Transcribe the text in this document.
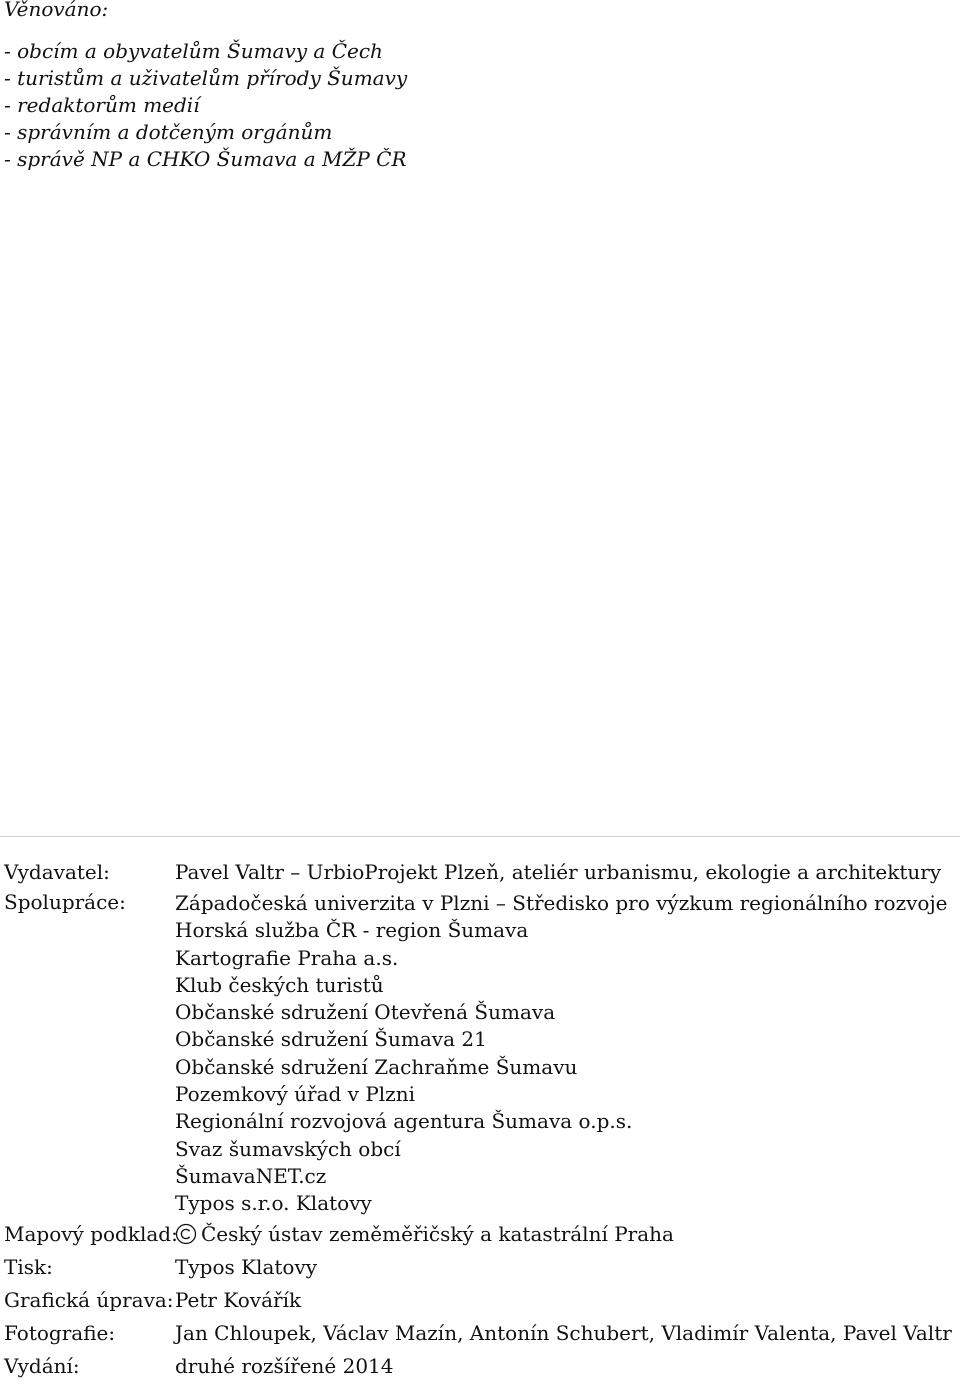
Věnováno:
- obcím a obyvatelům Šumavy a Čech
- turistům a uživatelům přírody Šumavy
- redaktorům medií
- správním a dotčeným orgánům
- správě NP a CHKO Šumava a MŽP ČR
Vydavatel:	Pavel Valtr – UrbioProjekt Plzeň, ateliér urbanismu, ekologie a architektury
Spolupráce: Západočeská univerzita v Plzni – Středisko pro výzkum regionálního rozvoje
Horská služba ČR - region Šumava
Kartografie Praha a.s.
Klub českých turistů
Občanské sdružení Otevřená Šumava
Občanské sdružení Šumava 21
Občanské sdružení Zachraňme Šumavu
Pozemkový úřad v Plzni
Regionální rozvojová agentura Šumava o.p.s.
Svaz šumavských obcí
ŠumavaNET.cz
Typos s.r.o. Klatovy
Mapový podklad:	Český ústav zeměměřičský a katastrální Praha
Tisk:	Typos Klatovy
Grafická úprava: Petr Kovářík
Fotografie:	Jan Chloupek, Václav Mazín, Antonín Schubert, Vladimír Valenta, Pavel Valtr
Vydání:	druhé rozšířené 2014
